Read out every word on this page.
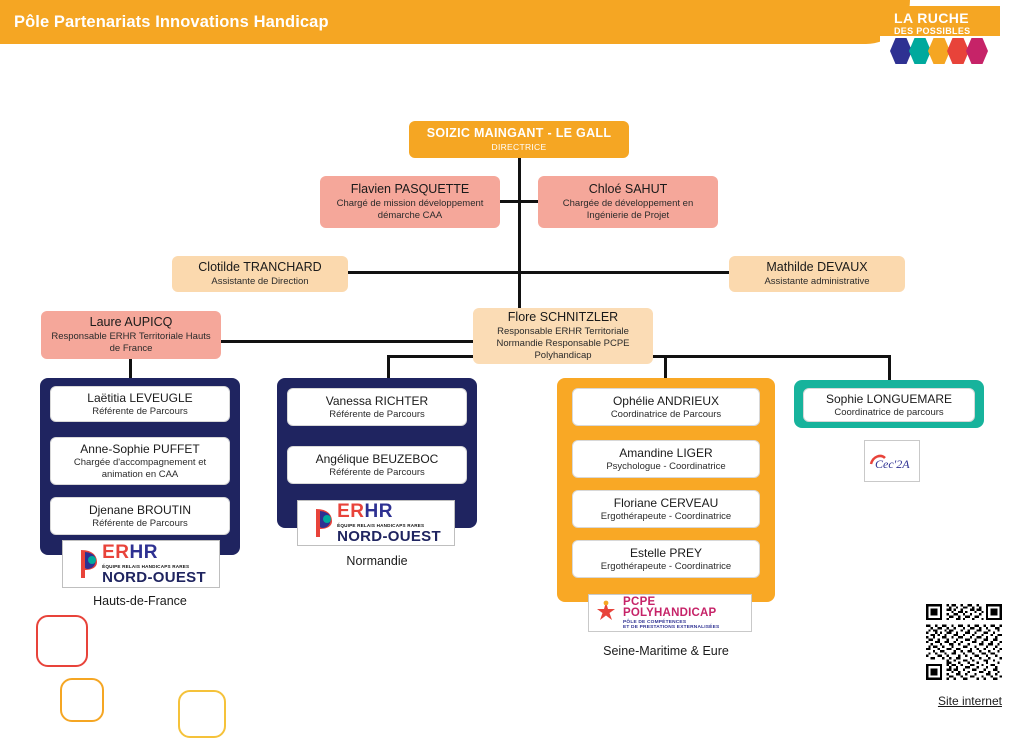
Pôle Partenariats Innovations Handicap	LA RUCHE
DES POSSIBLES
SOIZIC MAINGANT - LE GALL
DIRECTRICE
Flavien PASQUETTE
Chargé de mission développement démarche CAA
Chloé SAHUT
Chargée de développement en Ingénierie de Projet
Clotilde TRANCHARD
Assistante de Direction
Mathilde DEVAUX
Assistante administrative
Laure AUPICQ
Responsable ERHR Territoriale Hauts de France
Flore SCHNITZLER
Responsable ERHR Territoriale Normandie Responsable PCPE Polyhandicap
Laëtitia LEVEUGLE
Référente de Parcours
Anne-Sophie PUFFET
Chargée d'accompagnement et animation en CAA
Djenane BROUTIN
Référente de Parcours
ER HR
ÉQUIPE RELAIS HANDICAPS RARES
NORD-OUEST
Hauts-de-France
Vanessa RICHTER
Référente de Parcours
Angélique BEUZEBOC
Référente de Parcours
ER HR
ÉQUIPE RELAIS HANDICAPS RARES
NORD-OUEST
Normandie
Ophélie ANDRIEUX
Coordinatrice de Parcours
Amandine LIGER
Psychologue - Coordinatrice
Floriane CERVEAU
Ergothérapeute - Coordinatrice
Estelle PREY
Ergothérapeute - Coordinatrice
PCPE
POLYHANDICAP
PÔLE DE COMPÉTENCES
ET DE PRESTATIONS EXTERNALISÉES
Seine-Maritime & Eure
Sophie LONGUEMARE
Coordinatrice de parcours
Cec'2A
Site internet
